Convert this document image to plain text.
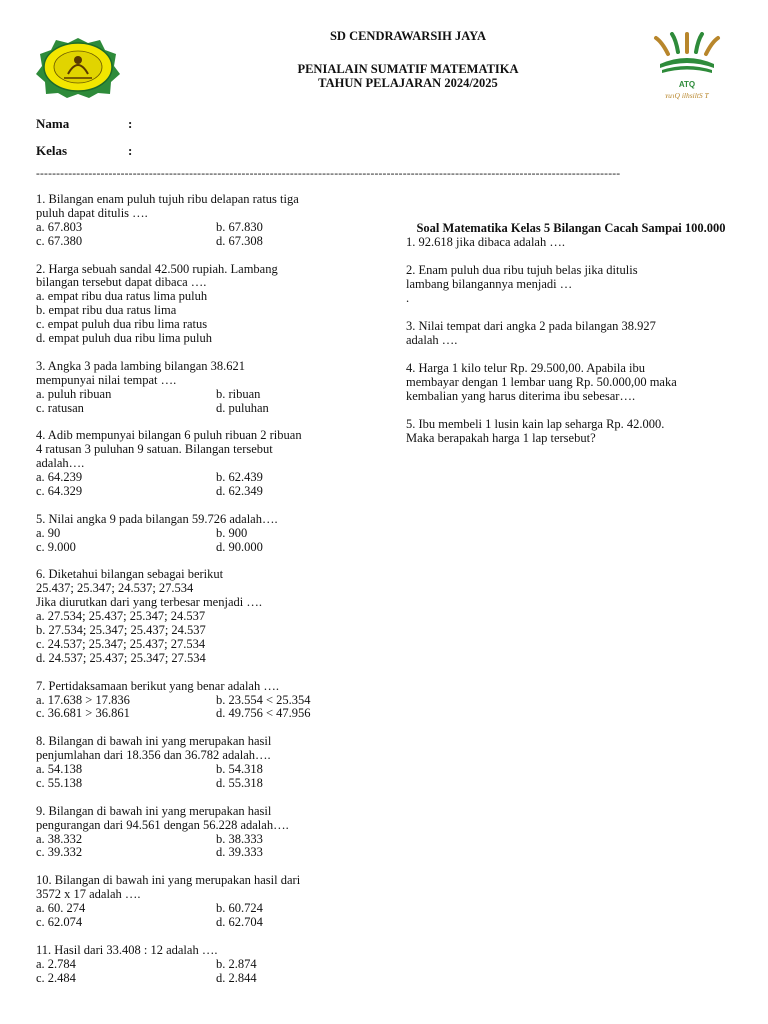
ATQ
ʏuɿQ ilhsiltS T
SD CENDRAWARSIH JAYA
PENIALAIN SUMATIF MATEMATIKA
TAHUN PELAJARAN 2024/2025
Nama	:
Kelas	:
-------------------------------------------------------------------------------------------------------------------------------------------------
1. Bilangan enam puluh tujuh ribu delapan ratus tiga
puluh dapat ditulis ….
a. 67.803	b. 67.830
c. 67.380	d. 67.308
2. Harga sebuah sandal 42.500 rupiah. Lambang
bilangan tersebut dapat dibaca ….
a. empat ribu dua ratus lima puluh
b. empat ribu dua ratus lima
c. empat puluh dua ribu lima ratus
d. empat puluh dua ribu lima puluh
3. Angka 3 pada lambing bilangan 38.621
mempunyai nilai tempat ….
a. puluh ribuan	b. ribuan
c. ratusan	d. puluhan
4. Adib mempunyai bilangan 6 puluh ribuan 2 ribuan
4 ratusan 3 puluhan 9 satuan. Bilangan tersebut
adalah….
a. 64.239	b. 62.439
c. 64.329	d. 62.349
5. Nilai angka 9 pada bilangan 59.726 adalah….
a. 90	b. 900
c. 9.000	d. 90.000
6. Diketahui bilangan sebagai berikut
25.437; 25.347; 24.537; 27.534
Jika diurutkan dari yang terbesar menjadi ….
a. 27.534; 25.437; 25.347; 24.537
b. 27.534; 25.347; 25.437; 24.537
c. 24.537; 25.347; 25.437; 27.534
d. 24.537; 25.437; 25.347; 27.534
7. Pertidaksamaan berikut yang benar adalah ….
a. 17.638 > 17.836	b. 23.554 < 25.354
c. 36.681 > 36.861	d. 49.756 < 47.956
8. Bilangan di bawah ini yang merupakan hasil
penjumlahan dari 18.356 dan 36.782 adalah….
a. 54.138	b. 54.318
c. 55.138	d. 55.318
9. Bilangan di bawah ini yang merupakan hasil
pengurangan dari 94.561 dengan 56.228 adalah….
a. 38.332	b. 38.333
c. 39.332	d. 39.333
10. Bilangan di bawah ini yang merupakan hasil dari
3572 x 17 adalah ….
a. 60. 274	b. 60.724
c. 62.074	d. 62.704
11. Hasil dari 33.408 : 12 adalah ….
a. 2.784	b. 2.874
c. 2.484	d. 2.844
Soal Matematika Kelas 5 Bilangan Cacah Sampai 100.000
1. 92.618 jika dibaca adalah ….
2. Enam puluh dua ribu tujuh belas jika ditulis
lambang bilangannya menjadi …
.
3. Nilai tempat dari angka 2 pada bilangan 38.927
adalah ….
4. Harga 1 kilo telur Rp. 29.500,00. Apabila ibu
membayar dengan 1 lembar uang Rp. 50.000,00 maka
kembalian yang harus diterima ibu sebesar….
5. Ibu membeli 1 lusin kain lap seharga Rp. 42.000.
Maka berapakah harga 1 lap tersebut?
